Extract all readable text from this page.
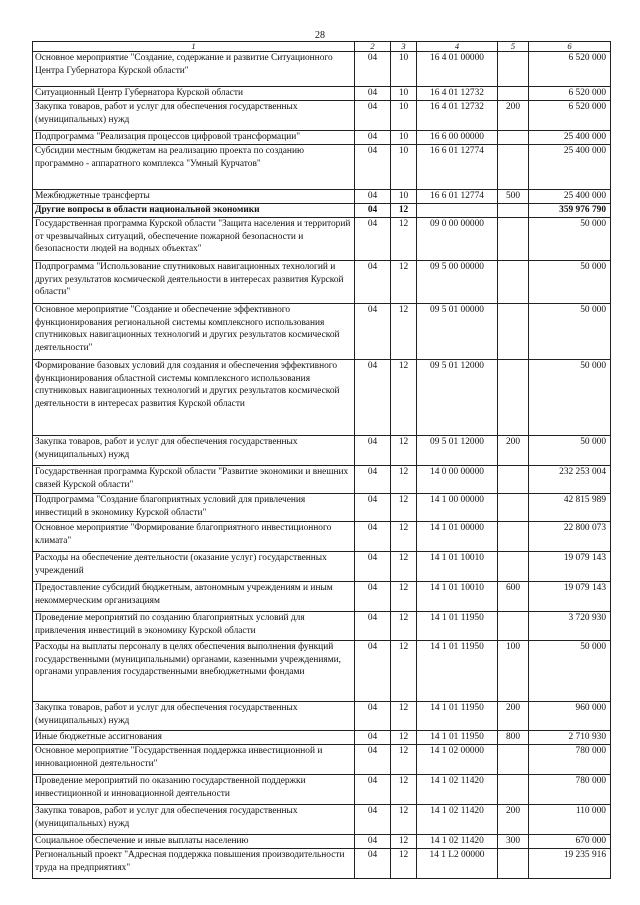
28
1	2	3	4	5	6
Основное мероприятие "Создание, содержание и развитие Ситуационного Центра Губернатора Курской области"	04	10	16 4 01 00000		6 520 000
Ситуационный Центр Губернатора Курской области	04	10	16 4 01 12732		6 520 000
Закупка товаров, работ и услуг для обеспечения государственных (муниципальных) нужд	04	10	16 4 01 12732	200	6 520 000
Подпрограмма "Реализация процессов цифровой трансформации"	04	10	16 6 00 00000		25 400 000
Субсидии местным бюджетам на реализацию проекта по созданию программно - аппаратного комплекса "Умный Курчатов"	04	10	16 6 01 12774		25 400 000
Межбюджетные трансферты	04	10	16 6 01 12774	500	25 400 000
Другие вопросы в области национальной экономики	04	12			359 976 790
Государственная программа Курской области "Защита населения и территорий от чрезвычайных ситуаций, обеспечение пожарной безопасности и безопасности людей на водных объектах"	04	12	09 0 00 00000		50 000
Подпрограмма "Использование спутниковых навигационных технологий и других результатов космической деятельности в интересах развития Курской области"	04	12	09 5 00 00000		50 000
Основное мероприятие "Создание и обеспечение эффективного функционирования региональной системы комплексного использования спутниковых навигационных технологий и других результатов космической деятельности"	04	12	09 5 01 00000		50 000
Формирование базовых условий для создания и обеспечения эффективного функционирования областной системы комплексного использования спутниковых навигационных технологий и других результатов космической деятельности в интересах развития Курской области	04	12	09 5 01 12000		50 000
Закупка товаров, работ и услуг для обеспечения государственных (муниципальных) нужд	04	12	09 5 01 12000	200	50 000
Государственная программа Курской области "Развитие экономики и внешних связей Курской области"	04	12	14 0 00 00000		232 253 004
Подпрограмма "Создание благоприятных условий для привлечения инвестиций в экономику Курской области"	04	12	14 1 00 00000		42 815 989
Основное мероприятие "Формирование благоприятного инвестиционного климата"	04	12	14 1 01 00000		22 800 073
Расходы на обеспечение деятельности (оказание услуг) государственных учреждений	04	12	14 1 01 10010		19 079 143
Предоставление субсидий бюджетным, автономным учреждениям и иным некоммерческим организациям	04	12	14 1 01 10010	600	19 079 143
Проведение мероприятий по созданию благоприятных условий для привлечения инвестиций в экономику Курской области	04	12	14 1 01 11950		3 720 930
Расходы на выплаты персоналу в целях обеспечения выполнения функций государственными (муниципальными) органами, казенными учреждениями, органами управления государственными внебюджетными фондами	04	12	14 1 01 11950	100	50 000
Закупка товаров, работ и услуг для обеспечения государственных (муниципальных) нужд	04	12	14 1 01 11950	200	960 000
Иные бюджетные ассигнования	04	12	14 1 01 11950	800	2 710 930
Основное мероприятие "Государственная поддержка инвестиционной и инновационной деятельности"	04	12	14 1 02 00000		780 000
Проведение мероприятий по оказанию государственной поддержки инвестиционной и инновационной деятельности	04	12	14 1 02 11420		780 000
Закупка товаров, работ и услуг для обеспечения государственных (муниципальных) нужд	04	12	14 1 02 11420	200	110 000
Социальное обеспечение и иные выплаты населению	04	12	14 1 02 11420	300	670 000
Региональный проект "Адресная поддержка повышения производительности труда на предприятиях"	04	12	14 1 L2 00000		19 235 916
